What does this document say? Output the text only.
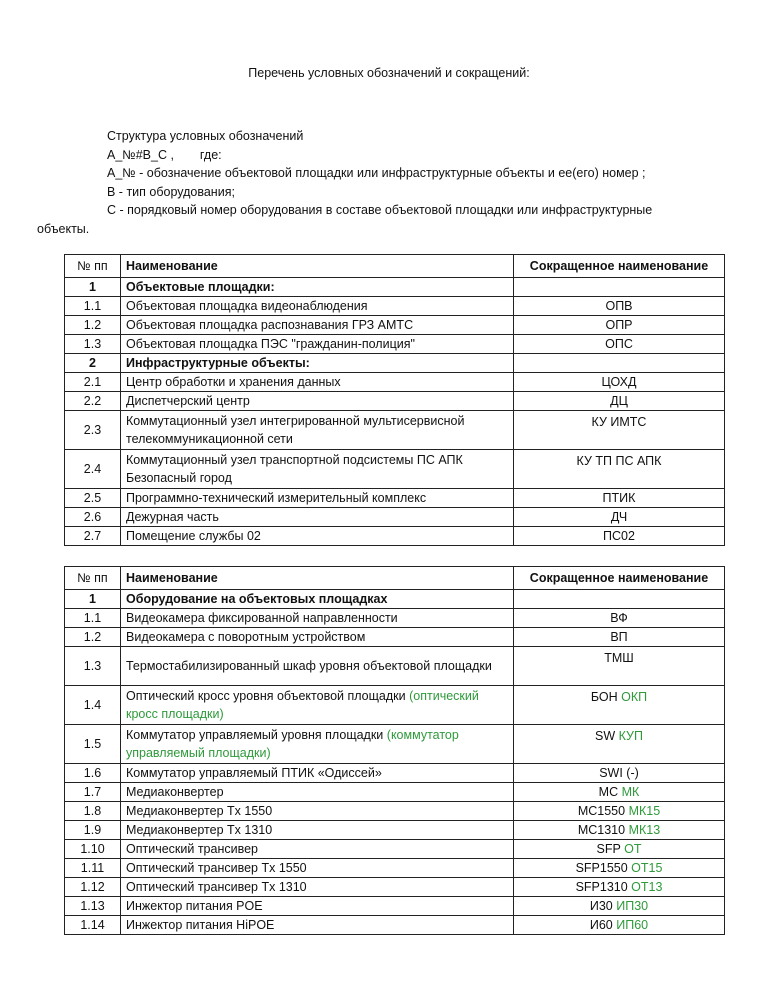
Перечень условных обозначений и сокращений:
Структура условных обозначений
А_№#В_С , где:
А_№ - обозначение объектовой площадки или инфраструктурные объекты и ее(его) номер ;
В - тип оборудования;
С - порядковый номер оборудования в составе объектовой площадки или инфраструктурные
объекты.
№ пп	Наименование	Сокращенное наименование
1	Объектовые площадки:	
1.1	Объектовая площадка видеонаблюдения	ОПВ
1.2	Объектовая площадка распознавания ГРЗ АМТС	ОПР
1.3	Объектовая площадка ПЭС "гражданин-полиция"	ОПС
2	Инфраструктурные объекты:	
2.1	Центр обработки и хранения данных	ЦОХД
2.2	Диспетчерский центр	ДЦ
2.3	Коммутационный узел интегрированной мультисервисной телекоммуникационной сети	КУ ИМТС
2.4	Коммутационный узел транспортной подсистемы ПС АПК Безопасный город	КУ ТП ПС АПК
2.5	Программно-технический измерительный комплекс	ПТИК
2.6	Дежурная часть	ДЧ
2.7	Помещение службы 02	ПС02
№ пп	Наименование	Сокращенное наименование
1	Оборудование на объектовых площадках	
1.1	Видеокамера фиксированной направленности	ВФ
1.2	Видеокамера с поворотным устройством	ВП
1.3	Термостабилизированный шкаф уровня объектовой площадки	ТМШ
1.4	Оптический кросс уровня объектовой площадки (оптический кросс площадки)	БОН ОКП
1.5	Коммутатор управляемый уровня площадки (коммутатор управляемый площадки)	SW КУП
1.6	Коммутатор управляемый ПТИК «Одиссей»	SWI (-)
1.7	Медиаконвертер	MC МК
1.8	Медиаконвертер Tx 1550	MC1550 МК15
1.9	Медиаконвертер Tx 1310	MC1310 МК13
1.10	Оптический трансивер	SFP ОТ
1.11	Оптический трансивер Tx 1550	SFP1550 ОТ15
1.12	Оптический трансивер Tx 1310	SFP1310 ОТ13
1.13	Инжектор питания POE	И30 ИП30
1.14	Инжектор питания HiPOE	И60 ИП60
